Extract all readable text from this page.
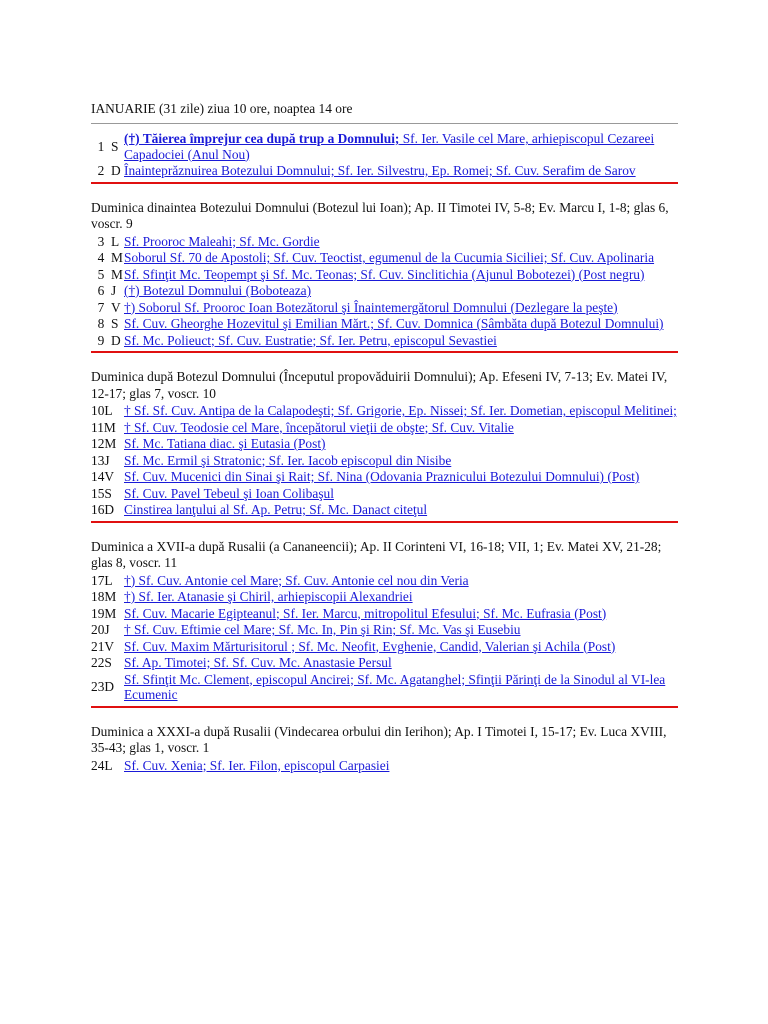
IANUARIE (31 zile) ziua 10 ore, noaptea 14 ore
1 S
(†) Tăierea împrejur cea după trup a Domnului; Sf. Ier. Vasile cel Mare, arhiepiscopul Cezareei Capadociei (Anul Nou)
2 D Înainteprăznuirea Botezului Domnului; Sf. Ier. Silvestru, Ep. Romei; Sf. Cuv. Serafim de Sarov
Duminica dinaintea Botezului Domnului (Botezul lui Ioan); Ap. II Timotei IV, 5-8; Ev. Marcu I, 1-8; glas 6, voscr. 9
3 L Sf. Prooroc Maleahi; Sf. Mc. Gordie
4 M Soborul Sf. 70 de Apostoli; Sf. Cuv. Teoctist, egumenul de la Cucumia Siciliei; Sf. Cuv. Apolinaria
5 M Sf. Sfinţit Mc. Teopempt şi Sf. Mc. Teonas; Sf. Cuv. Sinclitichia (Ajunul Bobotezei) (Post negru)
6 J (†) Botezul Domnului (Boboteaza)
7 V †) Soborul Sf. Prooroc Ioan Botezătorul şi Înaintemergătorul Domnului (Dezlegare la peşte)
8 S Sf. Cuv. Gheorghe Hozevitul şi Emilian Mărt.; Sf. Cuv. Domnica (Sâmbăta după Botezul Domnului)
9 D Sf. Mc. Polieuct; Sf. Cuv. Eustratie; Sf. Ier. Petru, episcopul Sevastiei
Duminica după Botezul Domnului (Începutul propovăduirii Domnului); Ap. Efeseni IV, 7-13; Ev. Matei IV, 12-17; glas 7, voscr. 10
10L † Sf. Sf. Cuv. Antipa de la Calapodeşti; Sf. Grigorie, Ep. Nissei; Sf. Ier. Dometian, episcopul Melitinei;
11M † Sf. Cuv. Teodosie cel Mare, începătorul vieţii de obşte; Sf. Cuv. Vitalie
12M Sf. Mc. Tatiana diac. şi Eutasia (Post)
13J	Sf. Mc. Ermil şi Stratonic; Sf. Ier. Iacob episcopul din Nisibe
14V Sf. Cuv. Mucenici din Sinai şi Rait; Sf. Nina (Odovania Praznicului Botezului Domnului) (Post)
15S Sf. Cuv. Pavel Tebeul şi Ioan Colibaşul
16D Cinstirea lanţului al Sf. Ap. Petru; Sf. Mc. Danact citeţul
Duminica a XVII-a după Rusalii (a Cananeencii); Ap. II Corinteni VI, 16-18; VII, 1; Ev. Matei XV, 21-28; glas 8, voscr. 11
17L †) Sf. Cuv. Antonie cel Mare; Sf. Cuv. Antonie cel nou din Veria
18M †) Sf. Ier. Atanasie şi Chiril, arhiepiscopii Alexandriei
19M Sf. Cuv. Macarie Egipteanul; Sf. Ier. Marcu, mitropolitul Efesului; Sf. Mc. Eufrasia (Post)
20J	† Sf. Cuv. Eftimie cel Mare; Sf. Mc. In, Pin şi Rin; Sf. Mc. Vas şi Eusebiu
21V Sf. Cuv. Maxim Mărturisitorul ; Sf. Mc. Neofit, Evghenie, Candid, Valerian şi Achila (Post)
22S Sf. Ap. Timotei; Sf. Sf. Cuv. Mc. Anastasie Persul
23D
Sf. Sfinţit Mc. Clement, episcopul Ancirei; Sf. Mc. Agatanghel; Sfinţii Părinţi de la Sinodul al VI-lea Ecumenic
Duminica a XXXI-a după Rusalii (Vindecarea orbului din Ierihon); Ap. I Timotei I, 15-17; Ev. Luca XVIII, 35-43; glas 1, voscr. 1
24L Sf. Cuv. Xenia; Sf. Ier. Filon, episcopul Carpasiei
